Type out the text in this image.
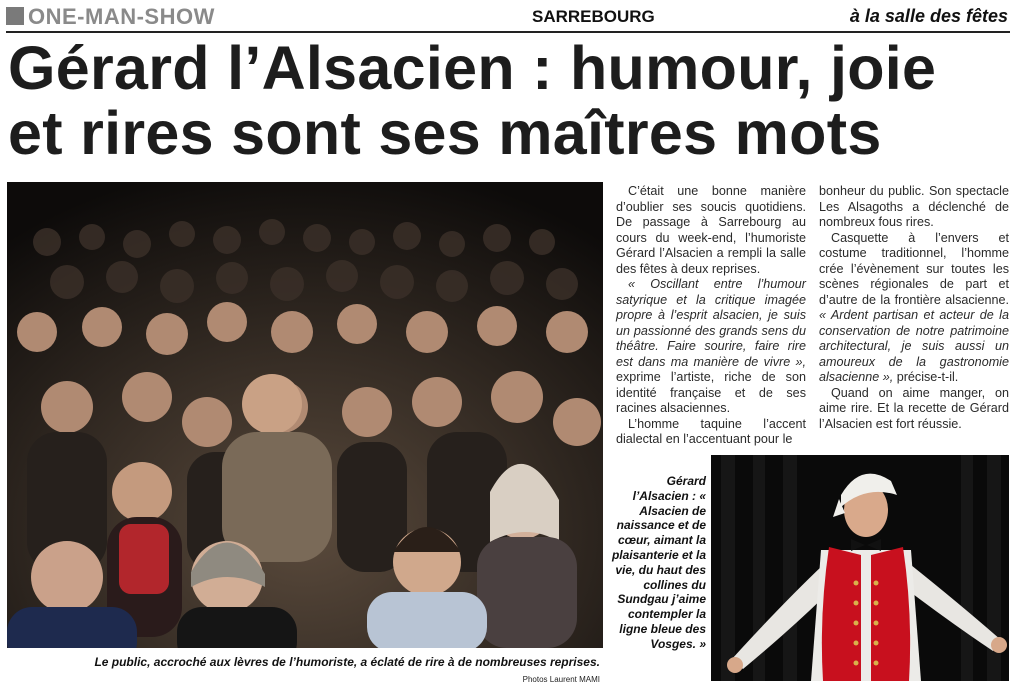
ONE-MAN-SHOW	SARREBOURG	à la salle des fêtes
Gérard l’Alsacien : humour, joie et rires sont ses maîtres mots
Le public, accroché aux lèvres de l’humoriste, a éclaté de rire à de nombreuses reprises.
Photos Laurent MAMI

C’était une bonne manière d’oublier ses soucis quotidiens. De passage à Sarrebourg au cours du week-end, l’humoriste Gérard l’Alsacien a rempli la salle des fêtes à deux reprises.

« Oscillant entre l’humour satyrique et la critique imagée propre à l’esprit alsacien, je suis un passionné des grands sens du théâtre. Faire sourire, faire rire est dans ma manière de vivre », exprime l’artiste, riche de son identité française et de ses racines alsaciennes.

L’homme taquine l’accent dialectal en l’accentuant pour le

bonheur du public. Son spectacle Les Alsagoths a déclenché de nombreux fous rires.

Casquette à l’envers et costume traditionnel, l’homme crée l’évènement sur toutes les scènes régionales de part et d’autre de la frontière alsacienne. « Ardent partisan et acteur de la conservation de notre patrimoine architectural, je suis aussi un amoureux de la gastronomie alsacienne », précise-t-il.

Quand on aime manger, on aime rire. Et la recette de Gérard l’Alsacien est fort réussie.

Gérard l’Alsacien : « Alsacien de naissance et de cœur, aimant la plaisanterie et la vie, du haut des collines du Sundgau j’aime contempler la ligne bleue des Vosges. »
